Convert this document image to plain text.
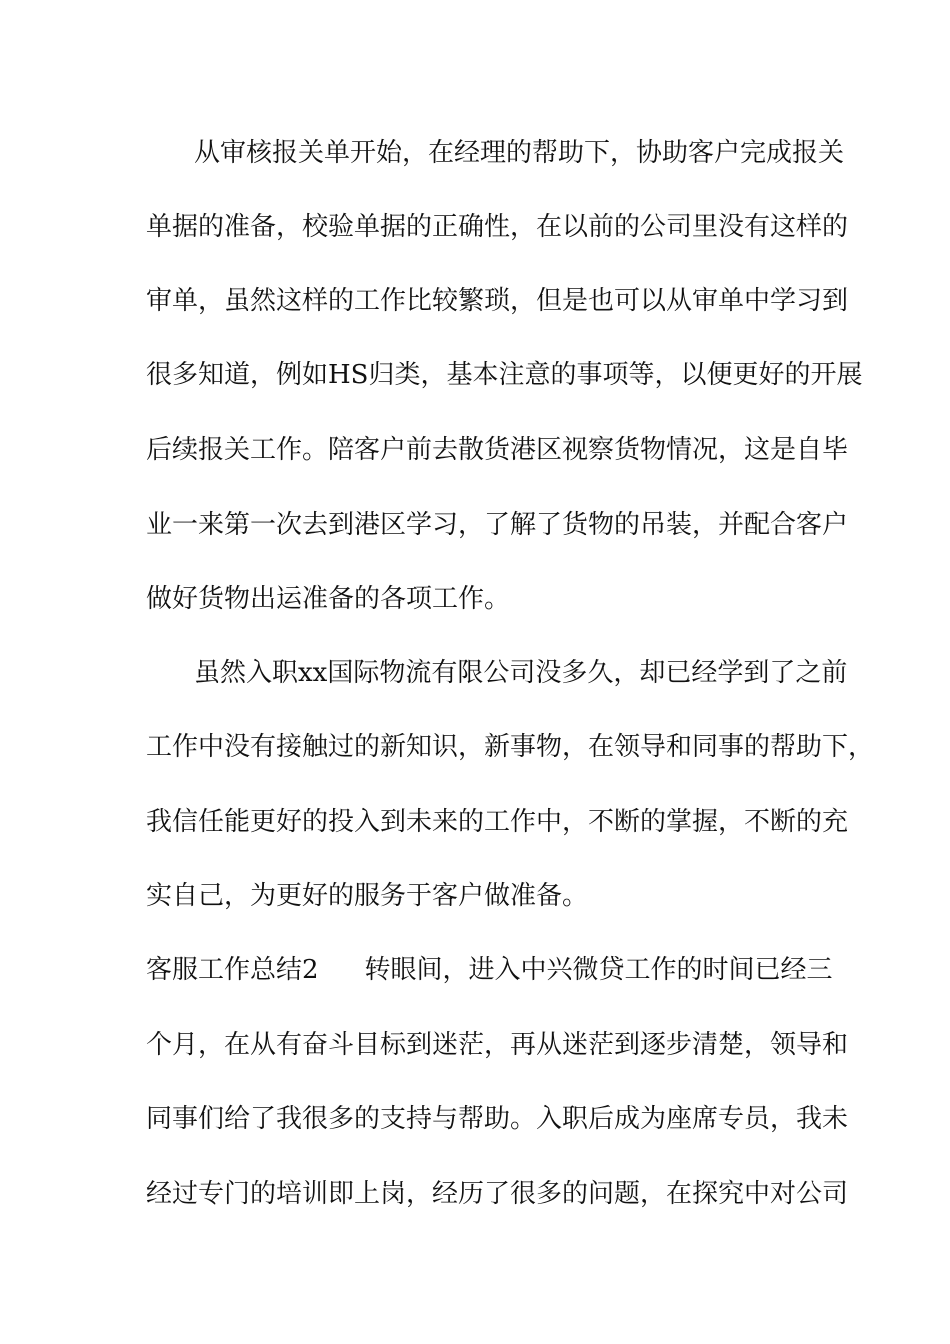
从审核报关单开始，在经理的帮助下，协助客户完成报关
单据的准备，校验单据的正确性，在以前的公司里没有这样的
审单，虽然这样的工作比较繁琐，但是也可以从审单中学习到
很多知道，例如HS归类，基本注意的事项等，以便更好的开展
后续报关工作。陪客户前去散货港区视察货物情况，这是自毕
业一来第一次去到港区学习，了解了货物的吊装，并配合客户
做好货物出运准备的各项工作。
虽然入职xx国际物流有限公司没多久，却已经学到了之前
工作中没有接触过的新知识，新事物，在领导和同事的帮助下，
我信任能更好的投入到未来的工作中，不断的掌握，不断的充
实自己，为更好的服务于客户做准备。
客服工作总结2 转眼间，进入中兴微贷工作的时间已经三
个月，在从有奋斗目标到迷茫，再从迷茫到逐步清楚，领导和
同事们给了我很多的支持与帮助。入职后成为座席专员，我未
经过专门的培训即上岗，经历了很多的问题，在探究中对公司
